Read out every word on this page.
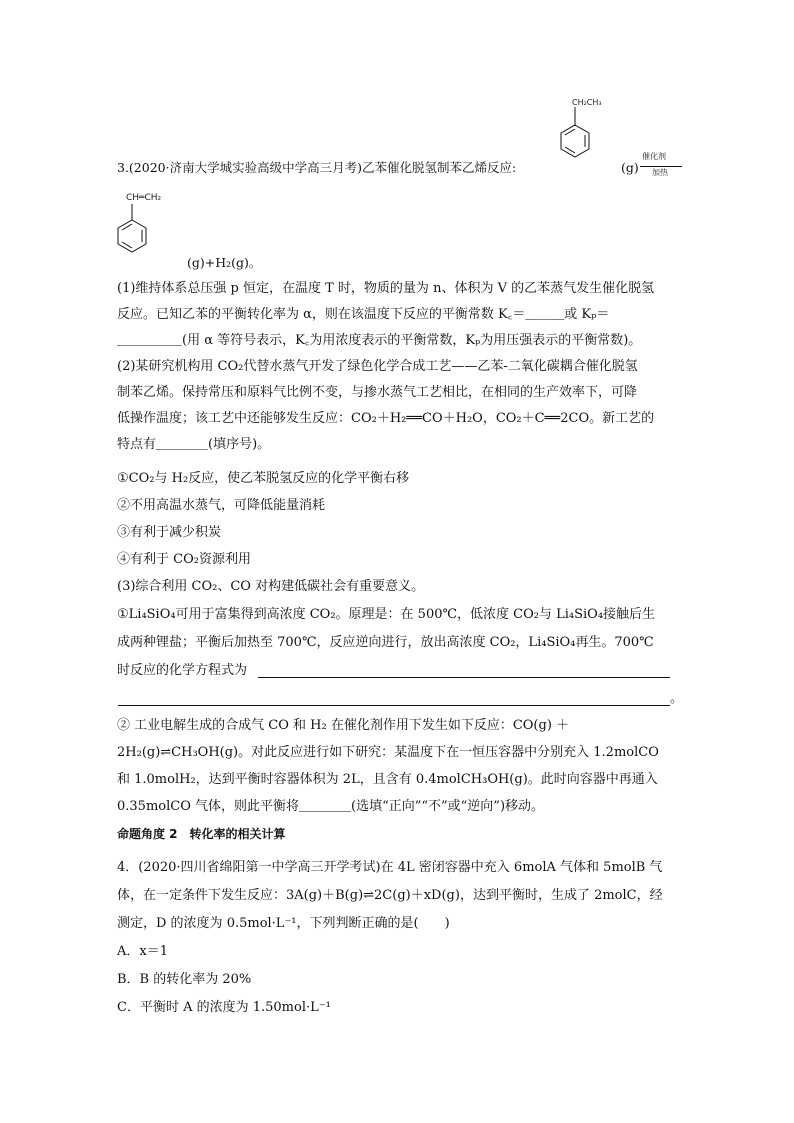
CH₂CH₃
CH═CH₂
3.(2020·济南大学城实验高级中学高三月考)乙苯催化脱氢制苯乙烯反应:	(g)
催化剂
加热
(g)+H₂(g)。
(1)维持体系总压强 p 恒定，在温度 T 时，物质的量为 n、体积为 V 的乙苯蒸气发生催化脱氢
反应。已知乙苯的平衡转化率为 α，则在该温度下反应的平衡常数 K꜀＝＿＿＿或 Kₚ＝
＿＿＿＿＿(用 α 等符号表示，K꜀为用浓度表示的平衡常数，Kₚ为用压强表示的平衡常数)。
(2)某研究机构用 CO₂代替水蒸气开发了绿色化学合成工艺——乙苯-二氧化碳耦合催化脱氢
制苯乙烯。保持常压和原料气比例不变，与掺水蒸气工艺相比，在相同的生产效率下，可降
低操作温度；该工艺中还能够发生反应：CO₂＋H₂══CO＋H₂O，CO₂＋C══2CO。新工艺的
特点有＿＿＿＿(填序号)。
①CO₂与 H₂反应，使乙苯脱氢反应的化学平衡右移
②不用高温水蒸气，可降低能量消耗
③有利于减少积炭
④有利于 CO₂资源利用
(3)综合利用 CO₂、CO 对构建低碳社会有重要意义。
①Li₄SiO₄可用于富集得到高浓度 CO₂。原理是：在 500℃，低浓度 CO₂与 Li₄SiO₄接触后生
成两种锂盐；平衡后加热至 700℃，反应逆向进行，放出高浓度 CO₂，Li₄SiO₄再生。700℃
时反应的化学方程式为
。
② 工业电解生成的合成气 CO 和 H₂ 在催化剂作用下发生如下反应：CO(g) ＋
2H₂(g)⇌CH₃OH(g)。对此反应进行如下研究：某温度下在一恒压容器中分别充入 1.2molCO
和 1.0molH₂，达到平衡时容器体积为 2L，且含有 0.4molCH₃OH(g)。此时向容器中再通入
0.35molCO 气体，则此平衡将＿＿＿＿(选填“正向”“不”或“逆向”)移动。
命题角度 2　转化率的相关计算
4．(2020·四川省绵阳第一中学高三开学考试)在 4L 密闭容器中充入 6molA 气体和 5molB 气
体，在一定条件下发生反应：3A(g)＋B(g)⇌2C(g)＋xD(g)，达到平衡时，生成了 2molC，经
测定，D 的浓度为 0.5mol·L⁻¹，下列判断正确的是(　　)
A．x＝1
B．B 的转化率为 20%
C．平衡时 A 的浓度为 1.50mol·L⁻¹
